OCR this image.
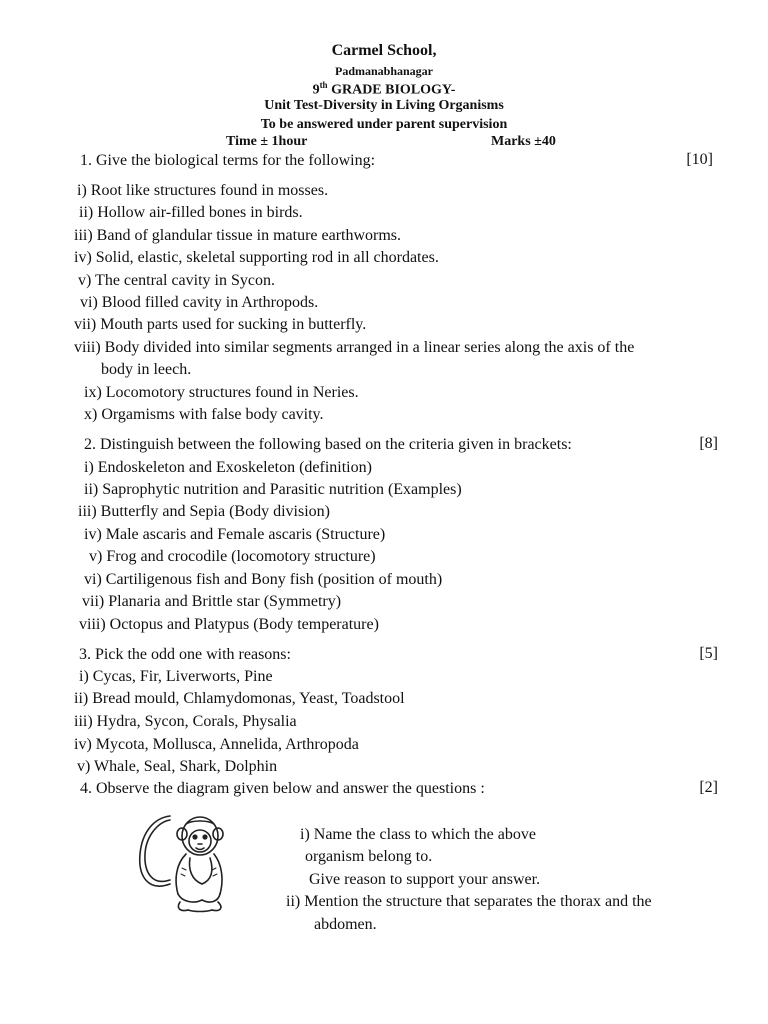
Carmel School,
Padmanabhanagar
9th GRADE BIOLOGY-
Unit Test-Diversity in Living Organisms
To be answered under parent supervision
Time ± 1hour	Marks ±40
1. Give the biological terms for the following:	[10]
i) Root like structures found in mosses.
ii) Hollow air-filled bones in birds.
iii) Band of glandular tissue in mature earthworms.
iv) Solid, elastic, skeletal supporting rod in all chordates.
v) The central cavity in Sycon.
vi) Blood filled cavity in Arthropods.
vii) Mouth parts used for sucking in butterfly.
viii) Body divided into similar segments arranged in a linear series along the axis of the
body in leech.
ix) Locomotory structures found in Neries.
x) Orgamisms with false body cavity.
2. Distinguish between the following based on the criteria given in brackets:	[8]
i) Endoskeleton and Exoskeleton (definition)
ii) Saprophytic nutrition and Parasitic nutrition (Examples)
iii) Butterfly and Sepia (Body division)
iv) Male ascaris and Female ascaris (Structure)
v) Frog and crocodile (locomotory structure)
vi) Cartiligenous fish and Bony fish (position of mouth)
vii) Planaria and Brittle star (Symmetry)
viii) Octopus and Platypus (Body temperature)
3. Pick the odd one with reasons:	[5]
i) Cycas, Fir, Liverworts, Pine
ii) Bread mould, Chlamydomonas, Yeast, Toadstool
iii) Hydra, Sycon, Corals, Physalia
iv) Mycota, Mollusca, Annelida, Arthropoda
v) Whale, Seal, Shark, Dolphin
4. Observe the diagram given below and answer the questions :	[2]
i) Name the class to which the above
organism belong to.
Give reason to support your answer.
ii) Mention the structure that separates the thorax and the
abdomen.
